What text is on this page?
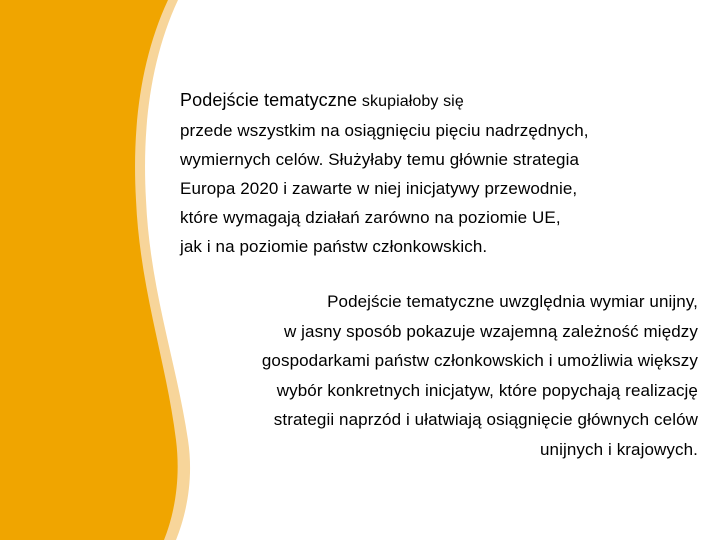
Podejście tematyczne skupiałoby się
przede wszystkim na osiągnięciu pięciu nadrzędnych,
wymiernych celów. Służyłaby temu głównie strategia
Europa 2020 i zawarte w niej inicjatywy przewodnie,
które wymagają działań zarówno na poziomie UE,
jak i na poziomie państw członkowskich.
Podejście tematyczne uwzględnia wymiar unijny,
w jasny sposób pokazuje wzajemną zależność między
gospodarkami państw członkowskich i umożliwia większy
wybór konkretnych inicjatyw, które popychają realizację
strategii naprzód i ułatwiają osiągnięcie głównych celów
unijnych i krajowych.
